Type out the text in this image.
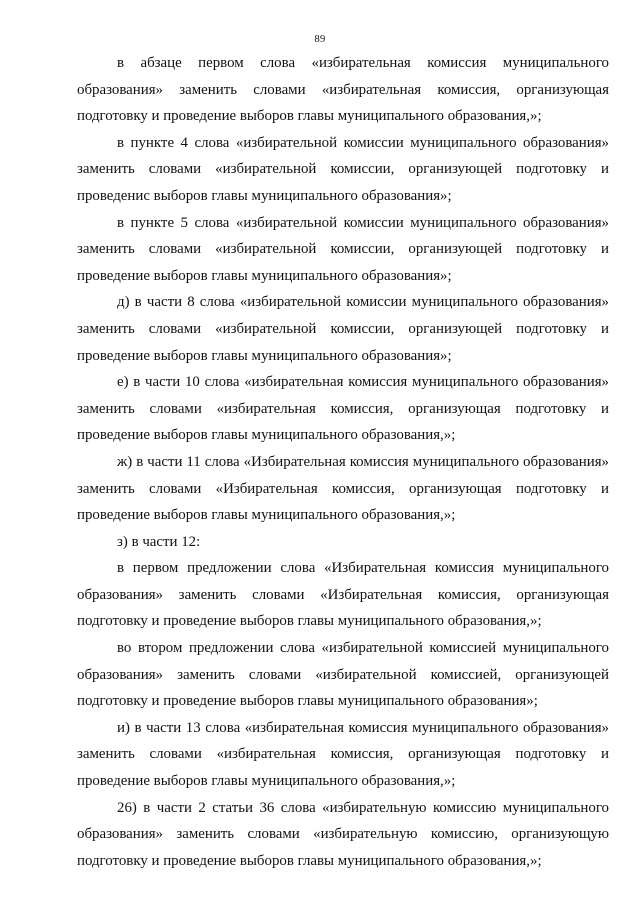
89

в абзаце первом слова «избирательная комиссия муниципального образования» заменить словами «избирательная комиссия, организующая подготовку и проведение выборов главы муниципального образования,»;

в пункте 4 слова «избирательной комиссии муниципального образования» заменить словами «избирательной комиссии, организующей подготовку и проведенис выборов главы муниципального образования»;

в пункте 5 слова «избирательной комиссии муниципального образования» заменить словами «избирательной комиссии, организующей подготовку и проведение выборов главы муниципального образования»;

д) в части 8 слова «избирательной комиссии муниципального образования» заменить словами «избирательной комиссии, организующей подготовку и проведение выборов главы муниципального образования»;

е) в части 10 слова «избирательная комиссия муниципального образования» заменить словами «избирательная комиссия, организующая подготовку и проведение выборов главы муниципального образования,»;

ж) в части 11 слова «Избирательная комиссия муниципального образования» заменить словами «Избирательная комиссия, организующая подготовку и проведение выборов главы муниципального образования,»;

з) в части 12:

в первом предложении слова «Избирательная комиссия муниципального образования» заменить словами «Избирательная комиссия, организующая подготовку и проведение выборов главы муниципального образования,»;

во втором предложении слова «избирательной комиссией муниципального образования» заменить словами «избирательной комиссией, организующей подготовку и проведение выборов главы муниципального образования»;

и) в части 13 слова «избирательная комиссия муниципального образования» заменить словами «избирательная комиссия, организующая подготовку и проведение выборов главы муниципального образования,»;

26) в части 2 статьи 36 слова «избирательную комиссию муниципального образования» заменить словами «избирательную комиссию, организующую подготовку и проведение выборов главы муниципального образования,»;
